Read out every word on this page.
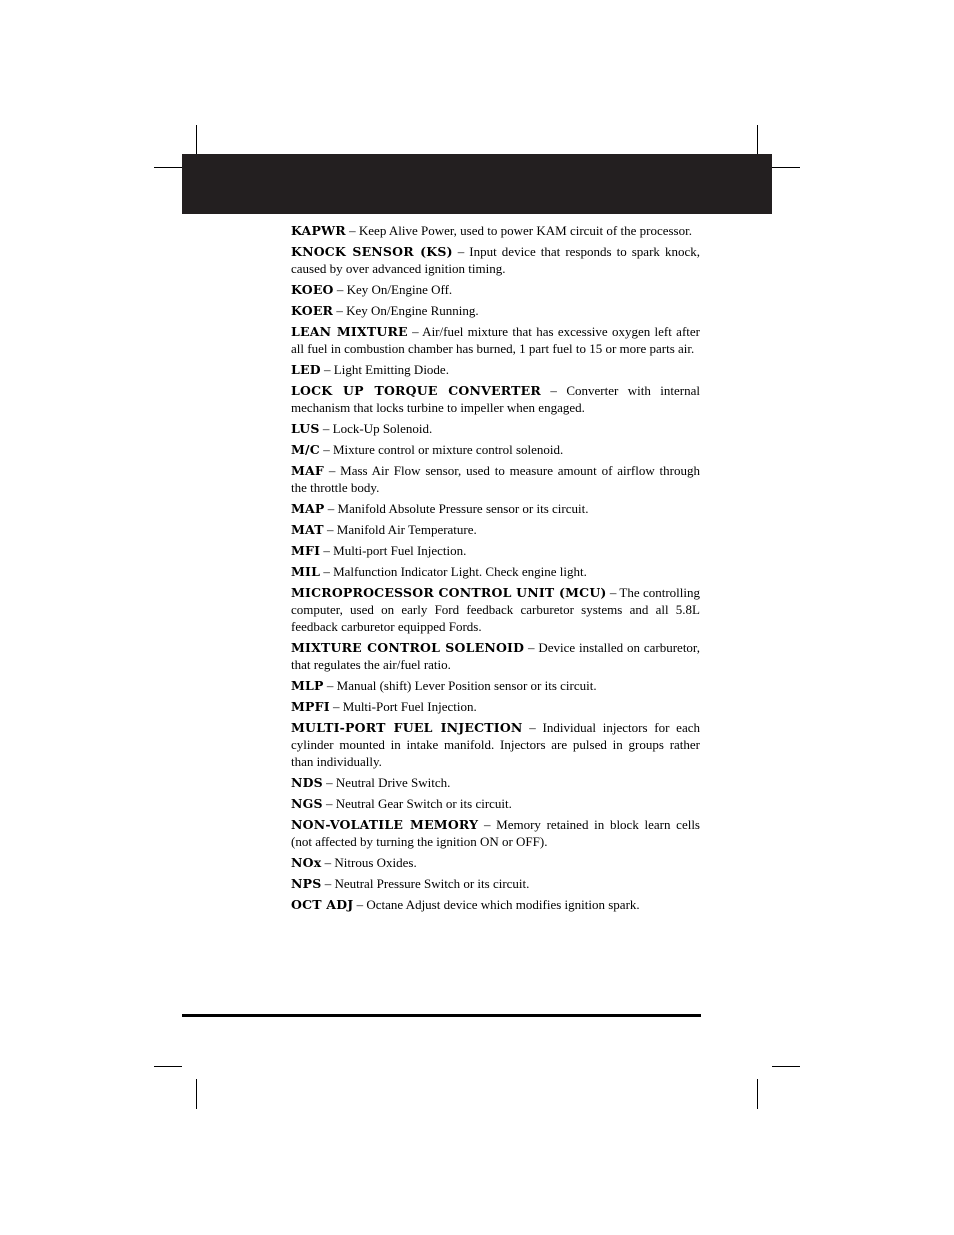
KAPWR – Keep Alive Power, used to power KAM circuit of the processor.

KNOCK SENSOR (KS) – Input device that responds to spark knock, caused by over advanced ignition timing.

KOEO – Key On/Engine Off.

KOER – Key On/Engine Running.

LEAN MIXTURE – Air/fuel mixture that has excessive oxygen left after all fuel in combustion chamber has burned, 1 part fuel to 15 or more parts air.

LED – Light Emitting Diode.

LOCK UP TORQUE CONVERTER – Converter with internal mechanism that locks turbine to impeller when engaged.

LUS – Lock-Up Solenoid.

M/C – Mixture control or mixture control solenoid.

MAF – Mass Air Flow sensor, used to measure amount of airflow through the throttle body.

MAP – Manifold Absolute Pressure sensor or its circuit.

MAT – Manifold Air Temperature.

MFI – Multi-port Fuel Injection.

MIL – Malfunction Indicator Light. Check engine light.

MICROPROCESSOR CONTROL UNIT (MCU) – The controlling computer, used on early Ford feedback carburetor systems and all 5.8L feedback carburetor equipped Fords.

MIXTURE CONTROL SOLENOID – Device installed on carburetor, that regulates the air/fuel ratio.

MLP – Manual (shift) Lever Position sensor or its circuit.

MPFI – Multi-Port Fuel Injection.

MULTI-PORT FUEL INJECTION – Individual injectors for each cylinder mounted in intake manifold. Injectors are pulsed in groups rather than individually.

NDS – Neutral Drive Switch.

NGS – Neutral Gear Switch or its circuit.

NON-VOLATILE MEMORY – Memory retained in block learn cells (not affected by turning the ignition ON or OFF).

NOx – Nitrous Oxides.

NPS – Neutral Pressure Switch or its circuit.

OCT ADJ – Octane Adjust device which modifies ignition spark.
